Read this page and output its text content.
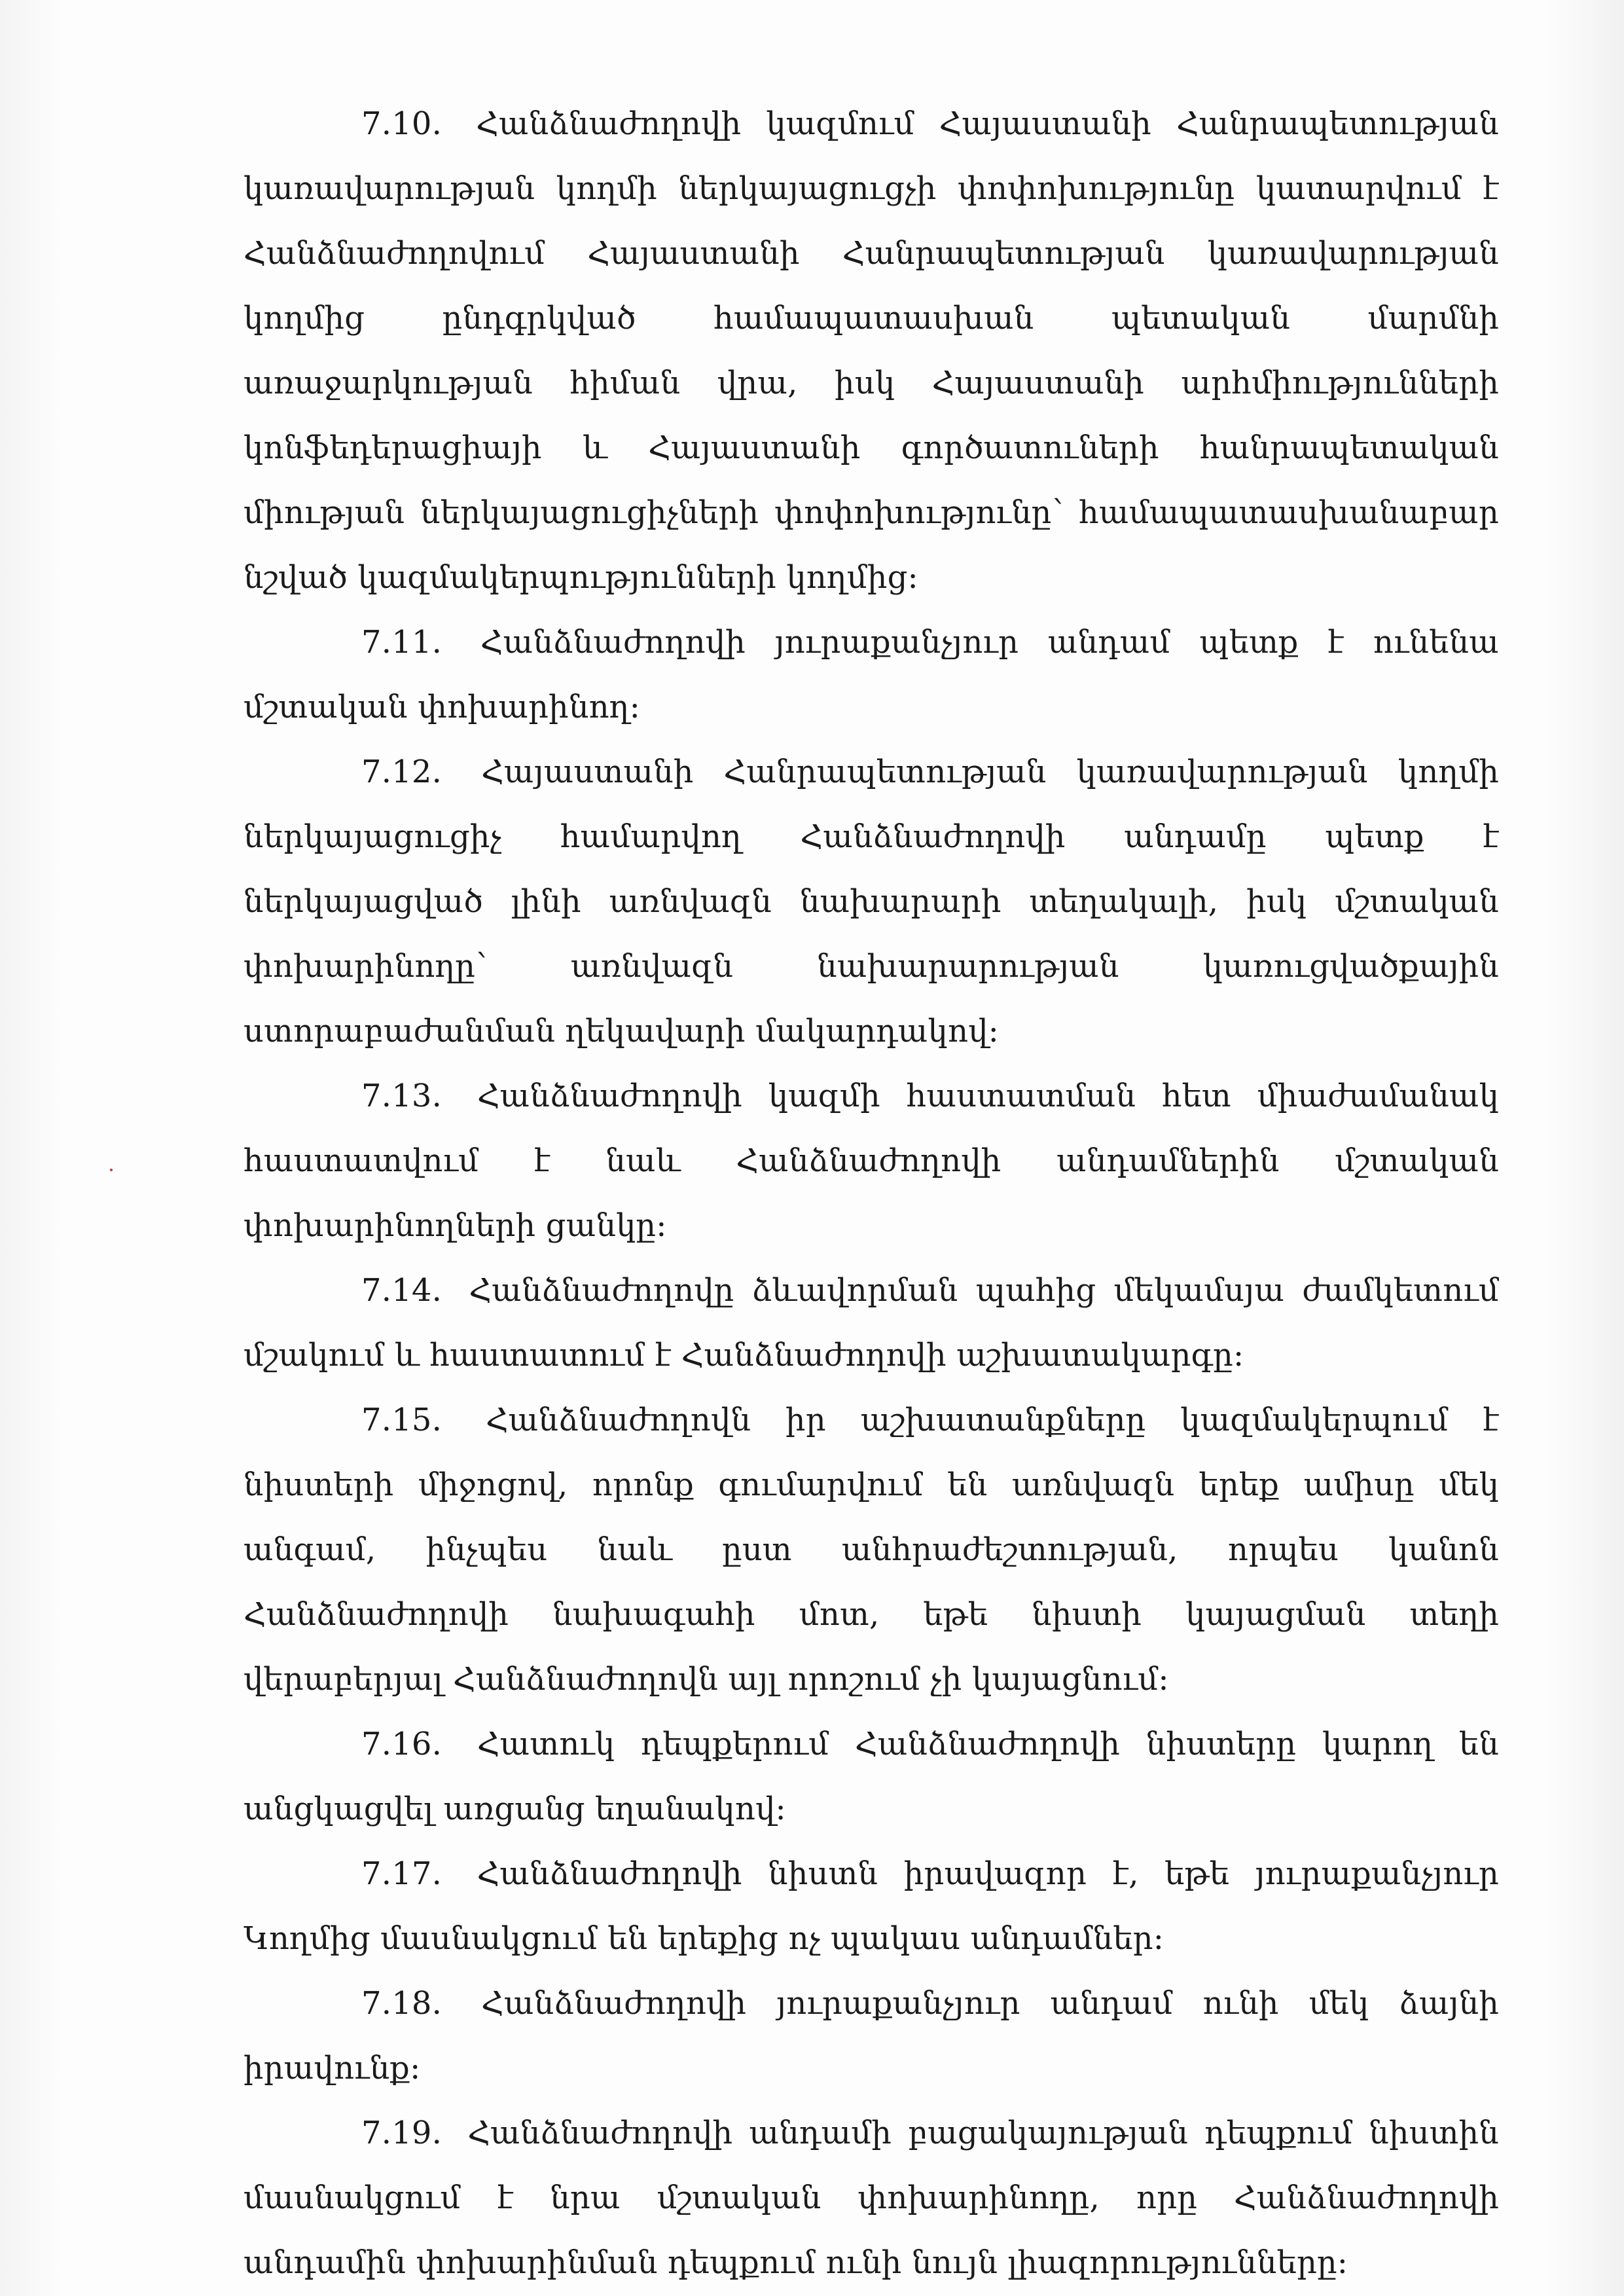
7.10. Հանձնաժողովի կազմում Հայաստանի Հանրապետության կառավարության կողմի ներկայացուցչի փոփոխությունը կատարվում է Հանձնաժողովում Հայաստանի Հանրապետության կառավարության կողմից ընդգրկված համապատասխան պետական մարմնի առաջարկության հիման վրա, իսկ Հայաստանի արհմիությունների կոնֆեդերացիայի և Հայաստանի գործատուների հանրապետական միության ներկայացուցիչների փոփոխությունը՝ համապատասխանաբար նշված կազմակերպությունների կողմից:

7.11. Հանձնաժողովի յուրաքանչյուր անդամ պետք է ունենա մշտական փոխարինող:

7.12. Հայաստանի Հանրապետության կառավարության կողմի ներկայացուցիչ համարվող Հանձնաժողովի անդամը պետք է ներկայացված լինի առնվազն նախարարի տեղակալի, իսկ մշտական փոխարինողը՝ առնվազն նախարարության կառուցվածքային ստորաբաժանման ղեկավարի մակարդակով:

7.13. Հանձնաժողովի կազմի հաստատման հետ միաժամանակ հաստատվում է նաև Հանձնաժողովի անդամներին մշտական փոխարինողների ցանկը:

7.14. Հանձնաժողովը ձևավորման պահից մեկամսյա ժամկետում մշակում և հաստատում է Հանձնաժողովի աշխատակարգը:

7.15. Հանձնաժողովն իր աշխատանքները կազմակերպում է նիստերի միջոցով, որոնք գումարվում են առնվազն երեք ամիսը մեկ անգամ, ինչպես նաև ըստ անհրաժեշտության, որպես կանոն Հանձնաժողովի նախագահի մոտ, եթե նիստի կայացման տեղի վերաբերյալ Հանձնաժողովն այլ որոշում չի կայացնում:

7.16. Հատուկ դեպքերում Հանձնաժողովի նիստերը կարող են անցկացվել առցանց եղանակով:

7.17. Հանձնաժողովի նիստն իրավազոր է, եթե յուրաքանչյուր Կողմից մասնակցում են երեքից ոչ պակաս անդամներ:

7.18. Հանձնաժողովի յուրաքանչյուր անդամ ունի մեկ ձայնի իրավունք:

7.19. Հանձնաժողովի անդամի բացակայության դեպքում նիստին մասնակցում է նրա մշտական փոխարինողը, որը Հանձնաժողովի անդամին փոխարինման դեպքում ունի նույն լիազորությունները:
